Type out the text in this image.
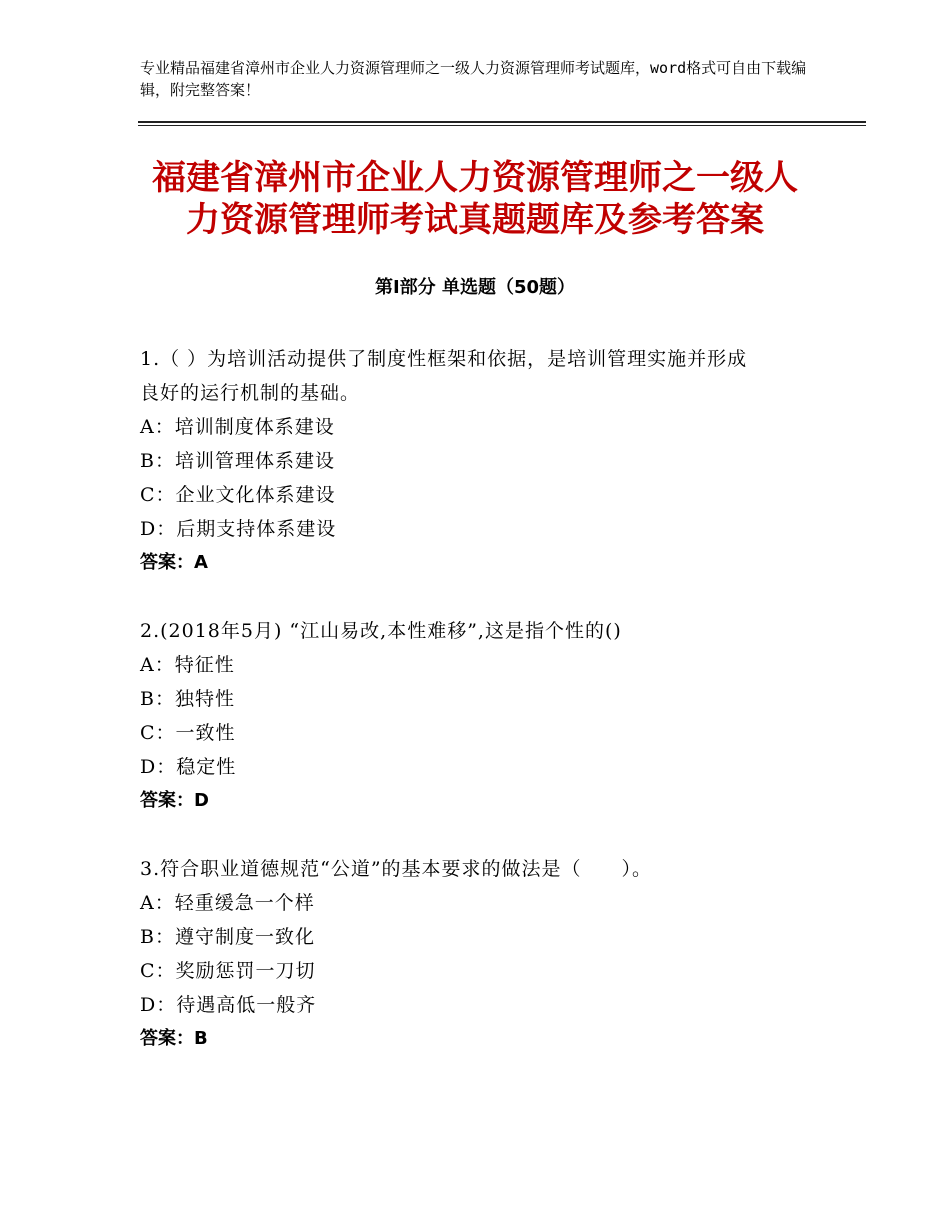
专业精品福建省漳州市企业人力资源管理师之一级人力资源管理师考试题库，word格式可自由下载编辑，附完整答案！
福建省漳州市企业人力资源管理师之一级人
力资源管理师考试真题题库及参考答案
第Ⅰ部分 单选题（50题）
1.（ ）为培训活动提供了制度性框架和依据，是培训管理实施并形成
良好的运行机制的基础。
A：培训制度体系建设
B：培训管理体系建设
C：企业文化体系建设
D：后期支持体系建设
答案：A
2.(2018年5月) “江山易改,本性难移”,这是指个性的()
A：特征性
B：独特性
C：一致性
D：稳定性
答案：D
3.符合职业道德规范“公道”的基本要求的做法是（　　）。
A：轻重缓急一个样
B：遵守制度一致化
C：奖励惩罚一刀切
D：待遇高低一般齐
答案：B
